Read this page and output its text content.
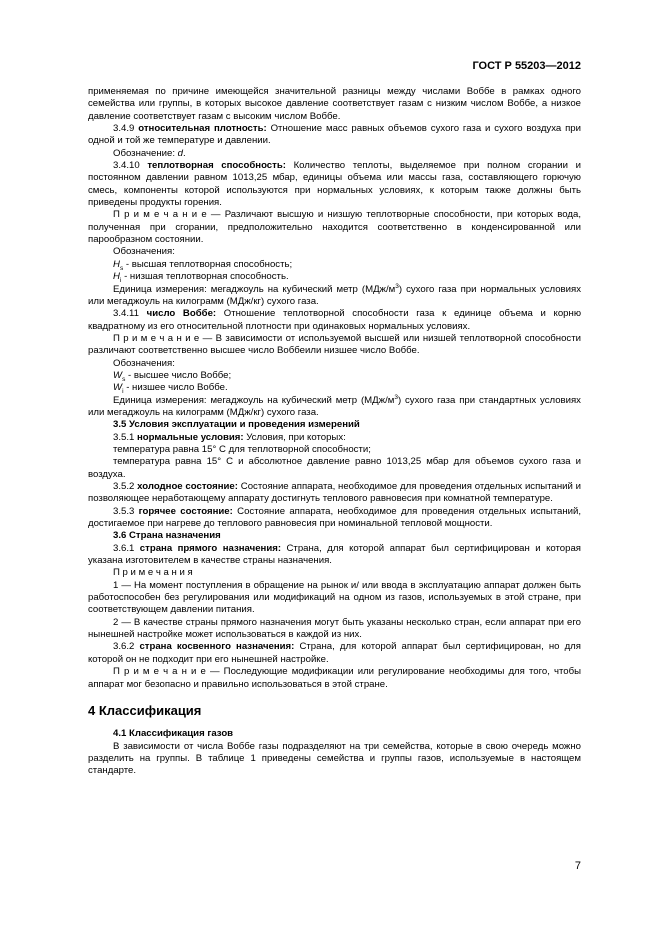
ГОСТ Р 55203—2012

применяемая по причине имеющейся значительной разницы между числами Воббе в рамках одного семейства или группы, в которых высокое давление соответствует газам с низким числом Воббе, а низкое давление соответствует газам с высоким числом Воббе.

3.4.9 относительная плотность: Отношение масс равных объемов сухого газа и сухого воздуха при одной и той же температуре и давлении.

Обозначение: d.

3.4.10 теплотворная способность: Количество теплоты, выделяемое при полном сгорании и постоянном давлении равном 1013,25 мбар, единицы объема или массы газа, составляющего горючую смесь, компоненты которой используются при нормальных условиях, к которым также должны быть приведены продукты горения.

П р и м е ч а н и е — Различают высшую и низшую теплотворные способности, при которых вода, полученная при сгорании, предположительно находится соответственно в конденсированной или парообразном состоянии.

Обозначения:

$H_s$ - высшая теплотворная способность;

$H_i$ - низшая теплотворная способность.

Единица измерения: мегаджоуль на кубический метр $(МДж/м^3)$ сухого газа при нормальных условиях или мегаджоуль на килограмм (МДж/кг) сухого газа.

3.4.11 число Воббе: Отношение теплотворной способности газа к единице объема и корню квадратному из его относительной плотности при одинаковых нормальных условиях.

П р и м е ч а н и е — В зависимости от используемой высшей или низшей теплотворной способности различают соответственно высшее число Воббеили низшее число Воббе.

Обозначения:

$W_s$ - высшее число Воббе;

$W_i$ - низшее число Воббе.

Единица измерения: мегаджоуль на кубический метр $(МДж/м^3)$ сухого газа при стандартных условиях или мегаджоуль на килограмм (МДж/кг) сухого газа.

3.5 Условия эксплуатации и проведения измерений

3.5.1 нормальные условия: Условия, при которых:

температура равна 15° С для теплотворной способности;

температура равна 15° С и абсолютное давление равно 1013,25 мбар для объемов сухого газа и воздуха.

3.5.2 холодное состояние: Состояние аппарата, необходимое для проведения отдельных испытаний и позволяющее неработающему аппарату достигнуть теплового равновесия при комнатной температуре.

3.5.3 горячее состояние: Состояние аппарата, необходимое для проведения отдельных испытаний, достигаемое при нагреве до теплового равновесия при номинальной тепловой мощности.

3.6 Страна назначения

3.6.1 страна прямого назначения: Страна, для которой аппарат был сертифицирован и которая указана изготовителем в качестве страны назначения.

П р и м е ч а н и я

1 — На момент поступления в обращение на рынок и/ или ввода в эксплуатацию аппарат должен быть работоспособен без регулирования или модификаций на одном из газов, используемых в этой стране, при соответствующем давлении питания.

2 — В качестве страны прямого назначения могут быть указаны несколько стран, если аппарат при его нынешней настройке может использоваться в каждой из них.

3.6.2 страна косвенного назначения: Страна, для которой аппарат был сертифицирован, но для которой он не подходит при его нынешней настройке.

П р и м е ч а н и е — Последующие модификации или регулирование необходимы для того, чтобы аппарат мог безопасно и правильно использоваться в этой стране.

4 Классификация

4.1 Классификация газов

В зависимости от числа Воббе газы подразделяют на три семейства, которые в свою очередь можно разделить на группы. В таблице 1 приведены семейства и группы газов, используемые в настоящем стандарте.

7
